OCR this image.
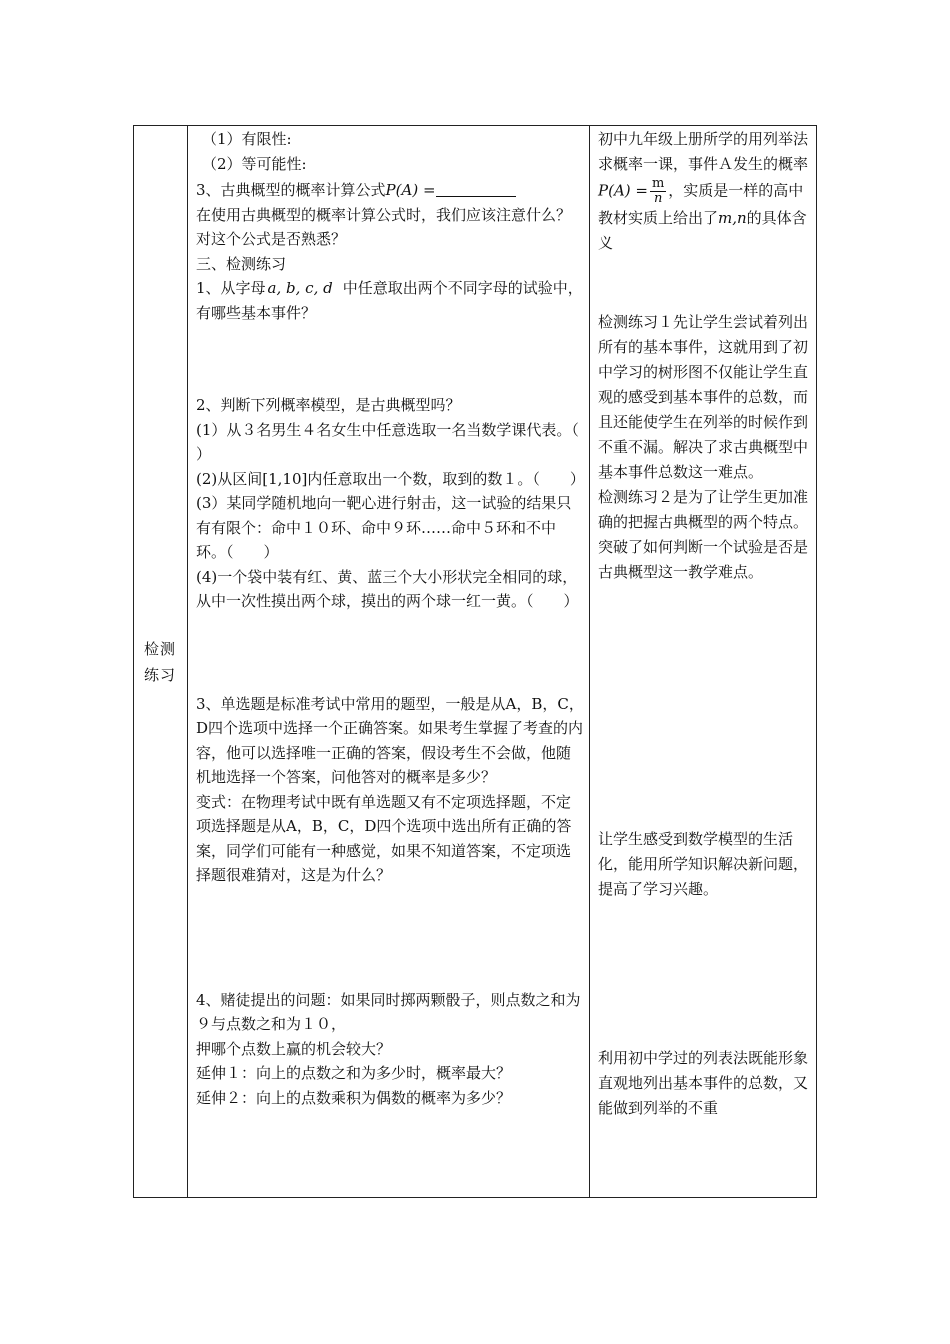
检测
练习

（1）有限性:

（2）等可能性:

3、古典概型的概率计算公式P(A) =

在使用古典概型的概率计算公式时，我们应该注意什么？对这个公式是否熟悉？

三、检测练习

1、从字母 a, b, c, d 中任意取出两个不同字母的试验中，有哪些基本事件？

2、判断下列概率模型，是古典概型吗？

(1）从３名男生４名女生中任意选取一名当数学课代表。（　　）

(2)从区间[1,10]内任意取出一个数，取到的数１。（　　）

(3）某同学随机地向一靶心进行射击，这一试验的结果只有有限个：命中１０环、命中９环……命中５环和不中环。（　　）

(4)一个袋中装有红、黄、蓝三个大小形状完全相同的球，从中一次性摸出两个球，摸出的两个球一红一黄。（　　）

3、单选题是标准考试中常用的题型，一般是从A，B，C，D四个选项中选择一个正确答案。如果考生掌握了考查的内容，他可以选择唯一正确的答案，假设考生不会做，他随机地选择一个答案，问他答对的概率是多少？

变式：在物理考试中既有单选题又有不定项选择题，不定项选择题是从A，B，C，D四个选项中选出所有正确的答案，同学们可能有一种感觉，如果不知道答案，不定项选择题很难猜对，这是为什么？

4、赌徒提出的问题：如果同时掷两颗骰子，则点数之和为９与点数之和为１０，

押哪个点数上赢的机会较大？

延伸１：向上的点数之和为多少时，概率最大？

延伸２：向上的点数乘积为偶数的概率为多少？

初中九年级上册所学的用列举法求概率一课，事件Ａ发生的概率$P(A) = \frac{m}{n}$ ，实质是一样的高中教材实质上给出了m,n的具体含义

检测练习１先让学生尝试着列出所有的基本事件，这就用到了初中学习的树形图不仅能让学生直观的感受到基本事件的总数，而且还能使学生在列举的时候作到不重不漏。解决了求古典概型中基本事件总数这一难点。

检测练习２是为了让学生更加准确的把握古典概型的两个特点。突破了如何判断一个试验是否是古典概型这一教学难点。

让学生感受到数学模型的生活化，能用所学知识解决新问题，提高了学习兴趣。

利用初中学过的列表法既能形象直观地列出基本事件的总数，又能做到列举的不重
